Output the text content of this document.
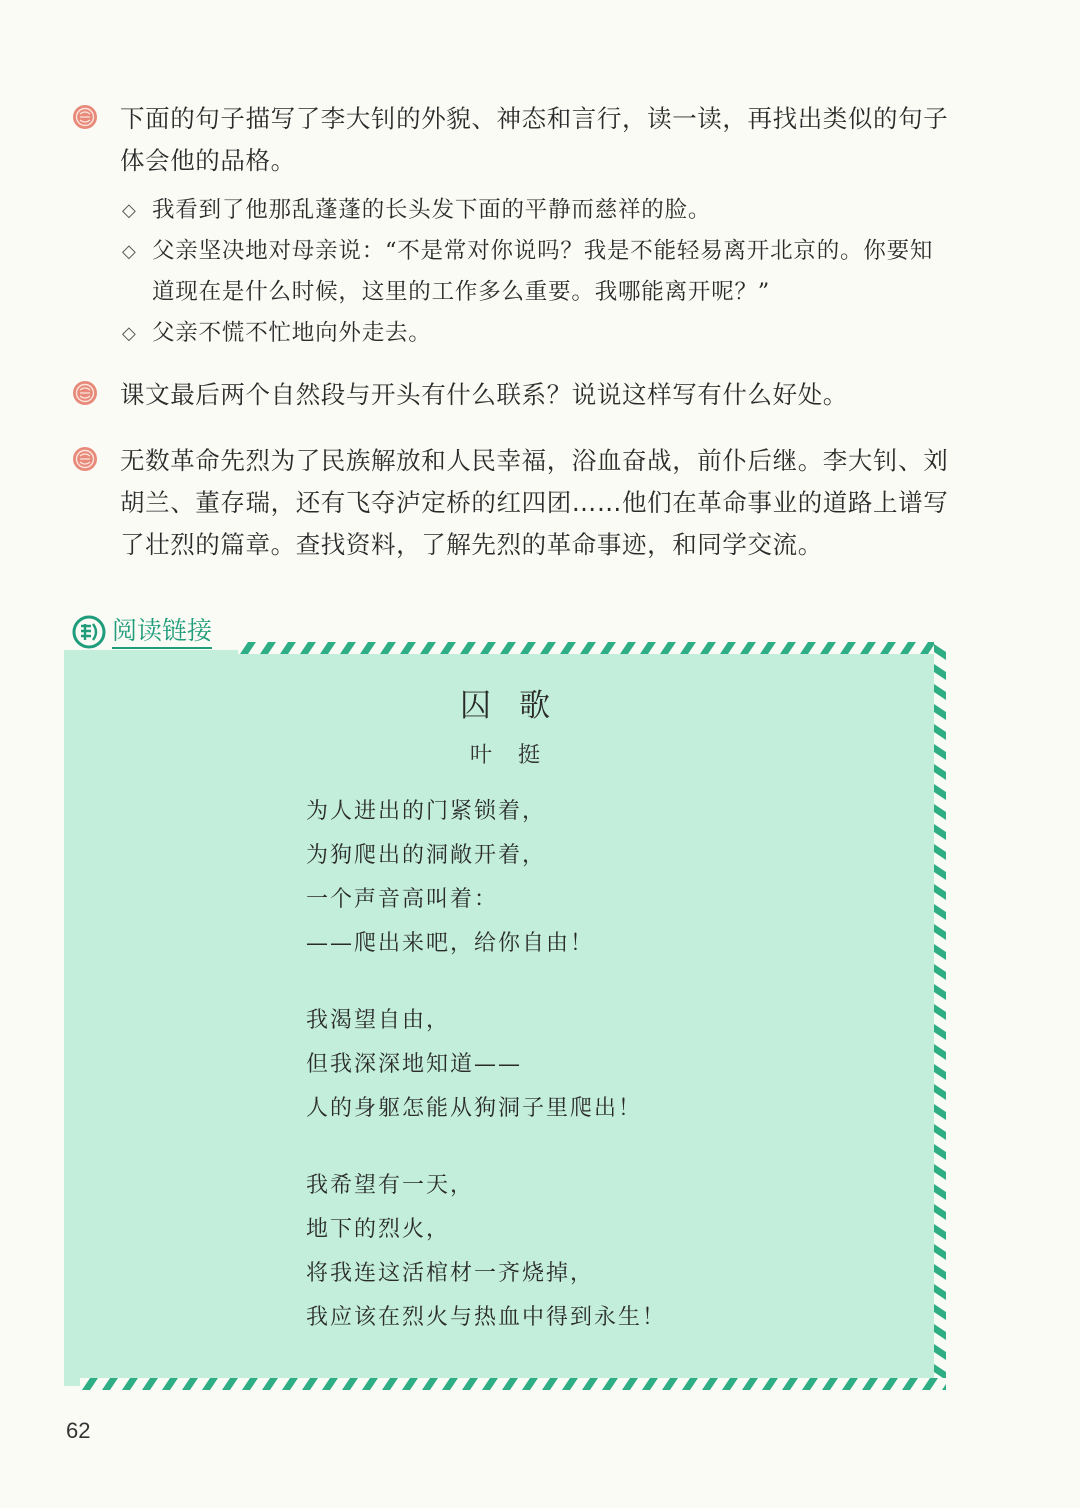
下面的句子描写了李大钊的外貌、神态和言行，读一读，再找出类似的句子体会他的品格。
◇ 我看到了他那乱蓬蓬的长头发下面的平静而慈祥的脸。
◇ 父亲坚决地对母亲说：“不是常对你说吗？我是不能轻易离开北京的。你要知道现在是什么时候，这里的工作多么重要。我哪能离开呢？”
◇ 父亲不慌不忙地向外走去。
课文最后两个自然段与开头有什么联系？说说这样写有什么好处。
无数革命先烈为了民族解放和人民幸福，浴血奋战，前仆后继。李大钊、刘胡兰、董存瑞，还有飞夺泸定桥的红四团……他们在革命事业的道路上谱写了壮烈的篇章。查找资料，了解先烈的革命事迹，和同学交流。
阅读链接
囚歌
叶挺
为人进出的门紧锁着，
为狗爬出的洞敞开着，
一个声音高叫着：
——爬出来吧，给你自由！
我渴望自由，
但我深深地知道——
人的身躯怎能从狗洞子里爬出！
我希望有一天，
地下的烈火，
将我连这活棺材一齐烧掉，
我应该在烈火与热血中得到永生！
62
